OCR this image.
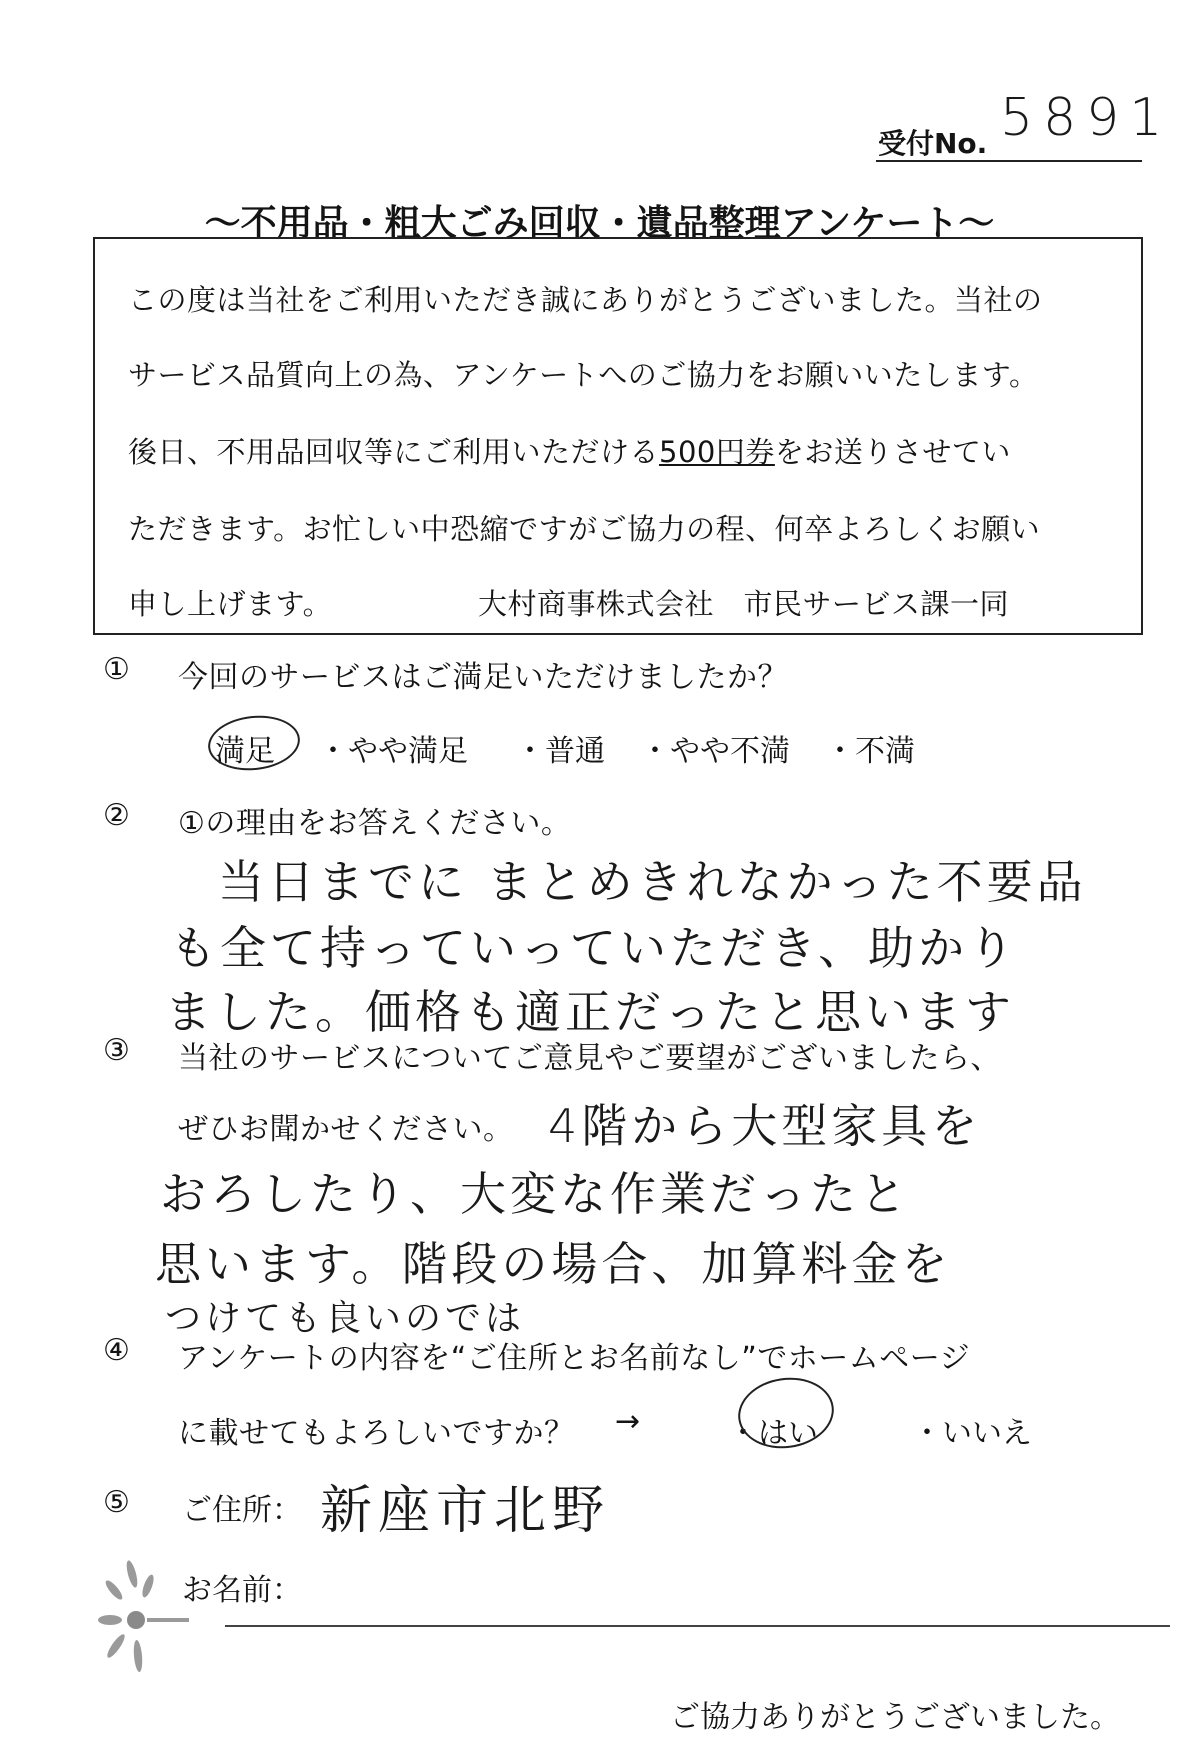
受付No. 5891
～不用品・粗大ごみ回収・遺品整理アンケート～
この度は当社をご利用いただき誠にありがとうございました。当社の
サービス品質向上の為、アンケートへのご協力をお願いいたします。
後日、不用品回収等にご利用いただける500円券をお送りさせてい
ただきます。お忙しい中恐縮ですがご協力の程、何卒よろしくお願い
申し上げます。	大村商事株式会社　市民サービス課一同
① 今回のサービスはご満足いただけましたか？
満足 ・やや満足 ・普通 ・やや不満 ・不満
② ①の理由をお答えください。
当日までに まとめきれなかった不要品
も全て持っていっていただき、助かり
ました。価格も適正だったと思います
③ 当社のサービスについてご意見やご要望がございましたら、
ぜひお聞かせください。 4階から大型家具を
おろしたり、大変な作業だったと
思います。階段の場合、加算料金を
つけても良いのでは
④ アンケートの内容を“ご住所とお名前なし”でホームページ
に載せてもよろしいですか？ →	・はい	・いいえ
⑤ ご住所： 新座市北野
お名前：
ご協力ありがとうございました。
